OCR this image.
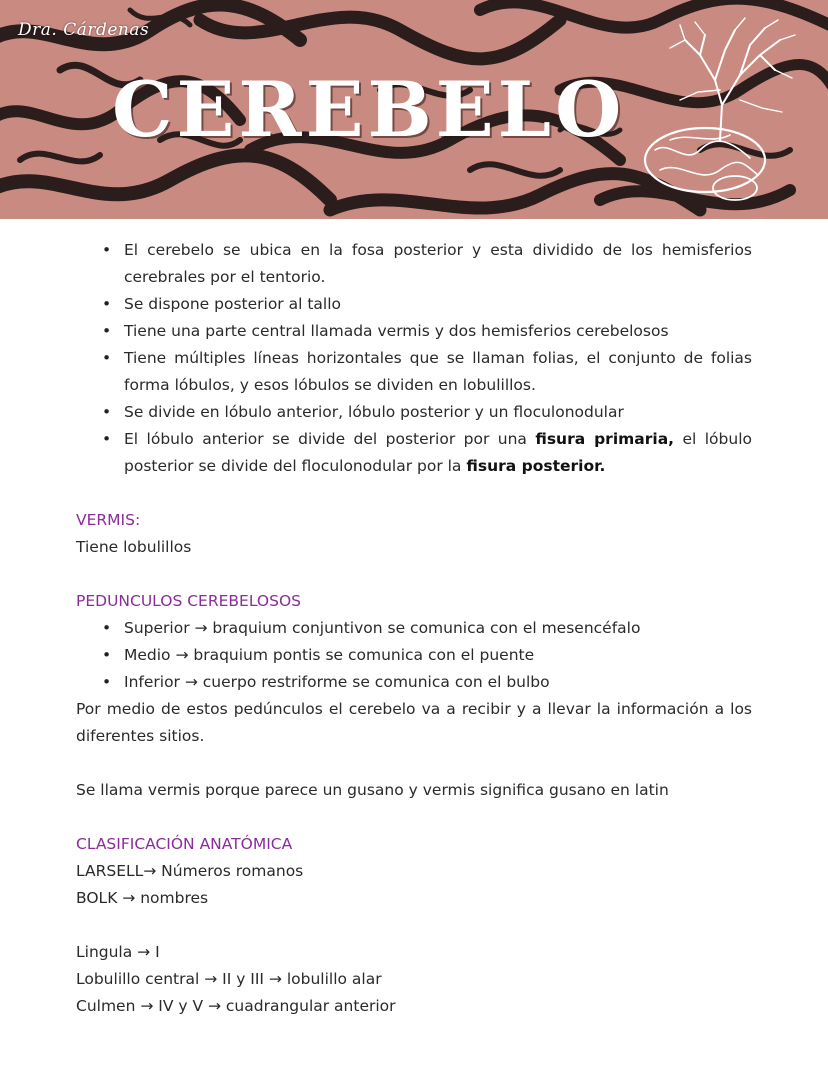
Dra. Cárdenas
CEREBELO
• El cerebelo se ubica en la fosa posterior y esta dividido de los hemisferios cerebrales por el tentorio.
• Se dispone posterior al tallo
• Tiene una parte central llamada vermis y dos hemisferios cerebelosos
• Tiene múltiples líneas horizontales que se llaman folias, el conjunto de folias forma lóbulos, y esos lóbulos se dividen en lobulillos.
• Se divide en lóbulo anterior, lóbulo posterior y un floculonodular
• El lóbulo anterior se divide del posterior por una fisura primaria, el lóbulo posterior se divide del floculonodular por la fisura posterior.
VERMIS:
Tiene lobulillos
PEDUNCULOS CEREBELOSOS
• Superior → braquium conjuntivon se comunica con el mesencéfalo
• Medio → braquium pontis se comunica con el puente
• Inferior → cuerpo restriforme se comunica con el bulbo
Por medio de estos pedúnculos el cerebelo va a recibir y a llevar la información a los diferentes sitios.
Se llama vermis porque parece un gusano y vermis significa gusano en latin
CLASIFICACIÓN ANATÓMICA
LARSELL→ Números romanos
BOLK → nombres
Lingula → I
Lobulillo central → II y III → lobulillo alar
Culmen → IV y V → cuadrangular anterior
